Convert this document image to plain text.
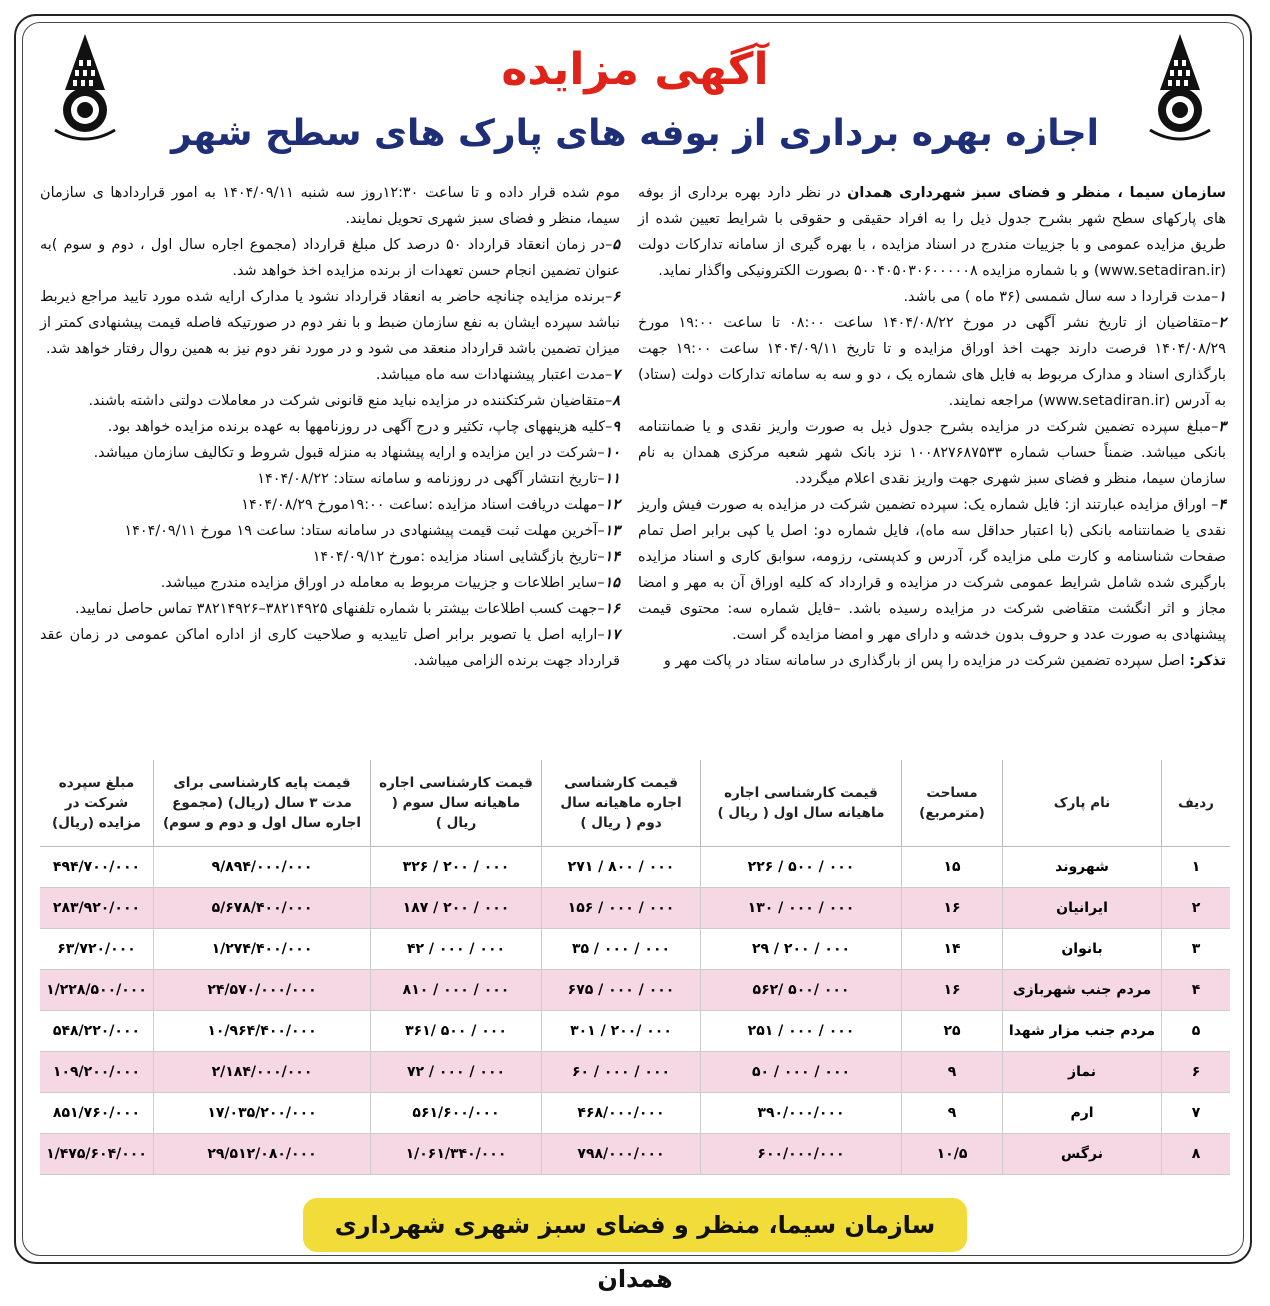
آگهی مزایده
اجازه بهره برداری از بوفه های پارک های سطح شهر

سازمان سیما ، منظر و فضای سبز شهرداری همدان در نظر دارد بهره برداری از بوفه های پارکهای سطح شهر بشرح جدول ذیل را به افراد حقیقی و حقوقی با شرایط تعیین شده از طریق مزایده عمومی و با جزییات مندرج در اسناد مزایده ، با بهره گیری از سامانه تدارکات دولت (www.setadiran.ir) و با شماره مزایده ۵۰۰۴۰۵۰۳۰۶۰۰۰۰۰۸ بصورت الکترونیکی واگذار نماید.

۱–مدت قراردا د سه سال شمسی (۳۶ ماه ) می باشد.

۲–متقاضیان از تاریخ نشر آگهی در مورخ ۱۴۰۴/۰۸/۲۲ ساعت ۰۸:۰۰ تا ساعت ۱۹:۰۰ مورخ ۱۴۰۴/۰۸/۲۹ فرصت دارند جهت اخذ اوراق مزایده و تا تاریخ ۱۴۰۴/۰۹/۱۱ ساعت ۱۹:۰۰ جهت بارگذاری اسناد و مدارک مربوط به فایل های شماره یک ، دو و سه به سامانه تدارکات دولت (ستاد) به آدرس (www.setadiran.ir) مراجعه نمایند.

۳–مبلغ سپرده تضمین شرکت در مزایده بشرح جدول ذیل به صورت واریز نقدی و یا ضمانتنامه بانکی میباشد. ضمناً حساب شماره ۱۰۰۸۲۷۶۸۷۵۳۳ نزد بانک شهر شعبه مرکزی همدان به نام سازمان سیما، منظر و فضای سبز شهری جهت واریز نقدی اعلام میگردد.

۴– اوراق مزایده عبارتند از: فایل شماره یک: سپرده تضمین شرکت در مزایده به صورت فیش واریز نقدی یا ضمانتنامه بانکی (با اعتبار حداقل سه ماه)، فایل شماره دو: اصل یا کپی برابر اصل تمام صفحات شناسنامه و کارت ملی مزایده گر، آدرس و کدپستی، رزومه، سوابق کاری و اسناد مزایده بارگیری شده شامل شرایط عمومی شرکت در مزایده و قرارداد که کلیه اوراق آن به مهر و امضا مجاز و اثر انگشت متقاضی شرکت در مزایده رسیده باشد. –فایل شماره سه: محتوی قیمت پیشنهادی به صورت عدد و حروف بدون خدشه و دارای مهر و امضا مزایده گر است.

تذکر: اصل سپرده تضمین شرکت در مزایده را پس از بارگذاری در سامانه ستاد در پاکت مهر و

موم شده قرار داده و تا ساعت ۱۲:۳۰روز سه شنبه ۱۴۰۴/۰۹/۱۱ به امور قراردادها ی سازمان سیما، منظر و فضای سبز شهری تحویل نمایند.

۵–در زمان انعقاد قرارداد ۵۰ درصد کل مبلغ قرارداد (مجموع اجاره سال اول ، دوم و سوم )به عنوان تضمین انجام حسن تعهدات از برنده مزایده اخذ خواهد شد.

۶–برنده مزایده چنانچه حاضر به انعقاد قرارداد نشود یا مدارک ارایه شده مورد تایید مراجع ذیربط نباشد سپرده ایشان به نفع سازمان ضبط و با نفر دوم در صورتیکه فاصله قیمت پیشنهادی کمتر از میزان تضمین باشد قرارداد منعقد می شود و در مورد نفر دوم نیز به همین روال رفتار خواهد شد.

۷–مدت اعتبار پیشنهادات سه ماه میباشد.

۸–متقاضیان شرکتکننده در مزایده نباید منع قانونی شرکت در معاملات دولتی داشته باشند.

۹–کلیه هزینههای چاپ، تکثیر و درج آگهی در روزنامهها به عهده برنده مزایده خواهد بود.

۱۰–شرکت در این مزایده و ارایه پیشنهاد به منزله قبول شروط و تکالیف سازمان میباشد.

۱۱–تاریخ انتشار آگهی در روزنامه و سامانه ستاد: ۱۴۰۴/۰۸/۲۲

۱۲–مهلت دریافت اسناد مزایده :ساعت ۱۹:۰۰مورخ ۱۴۰۴/۰۸/۲۹

۱۳–آخرین مهلت ثبت قیمت پیشنهادی در سامانه ستاد: ساعت ۱۹ مورخ ۱۴۰۴/۰۹/۱۱

۱۴–تاریخ بازگشایی اسناد مزایده :مورخ ۱۴۰۴/۰۹/۱۲

۱۵–سایر اطلاعات و جزییات مربوط به معامله در اوراق مزایده مندرج میباشد.

۱۶–جهت کسب اطلاعات بیشتر با شماره تلفنهای ۳۸۲۱۴۹۲۵–۳۸۲۱۴۹۲۶ تماس حاصل نمایید.

۱۷–ارایه اصل یا تصویر برابر اصل تاییدیه و صلاحیت کاری از اداره اماکن عمومی در زمان عقد قرارداد جهت برنده الزامی میباشد.

ردیف	نام پارک	مساحت (مترمربع)	قیمت کارشناسی اجاره ماهیانه سال اول ( ریال )	قیمت کارشناسی اجاره ماهیانه سال دوم ( ریال )	قیمت کارشناسی اجاره ماهیانه سال سوم ( ریال )	قیمت پایه کارشناسی برای مدت ۳ سال (ریال) (مجموع اجاره سال اول و دوم و سوم)	مبلغ سپرده شرکت در مزایده (ریال)
۱	شهروند	۱۵	۰۰۰ / ۵۰۰ / ۲۲۶	۰۰۰ / ۸۰۰ / ۲۷۱	۰۰۰ / ۲۰۰ / ۳۲۶	۹/۸۹۴/۰۰۰/۰۰۰	۴۹۴/۷۰۰/۰۰۰
۲	ایرانیان	۱۶	۰۰۰ / ۰۰۰ / ۱۳۰	۰۰۰ / ۰۰۰ / ۱۵۶	۰۰۰ / ۲۰۰ / ۱۸۷	۵/۶۷۸/۴۰۰/۰۰۰	۲۸۳/۹۲۰/۰۰۰
۳	بانوان	۱۴	۰۰۰ / ۲۰۰ / ۲۹	۰۰۰ / ۰۰۰ / ۳۵	۰۰۰ / ۰۰۰ / ۴۲	۱/۲۷۴/۴۰۰/۰۰۰	۶۳/۷۲۰/۰۰۰
۴	مردم جنب شهربازی	۱۶	۰۰۰ /۵۰۰ /۵۶۲	۰۰۰ / ۰۰۰ / ۶۷۵	۰۰۰ / ۰۰۰ / ۸۱۰	۲۴/۵۷۰/۰۰۰/۰۰۰	۱/۲۲۸/۵۰۰/۰۰۰
۵	مردم جنب مزار شهدا	۲۵	۰۰۰ / ۰۰۰ / ۲۵۱	۰۰۰ /۲۰۰ / ۳۰۱	۰۰۰ / ۵۰۰ /۳۶۱	۱۰/۹۶۴/۴۰۰/۰۰۰	۵۴۸/۲۲۰/۰۰۰
۶	نماز	۹	۰۰۰ / ۰۰۰ / ۵۰	۰۰۰ / ۰۰۰ / ۶۰	۰۰۰ / ۰۰۰ / ۷۲	۲/۱۸۴/۰۰۰/۰۰۰	۱۰۹/۲۰۰/۰۰۰
۷	ارم	۹	۳۹۰/۰۰۰/۰۰۰	۴۶۸/۰۰۰/۰۰۰	۵۶۱/۶۰۰/۰۰۰	۱۷/۰۳۵/۲۰۰/۰۰۰	۸۵۱/۷۶۰/۰۰۰
۸	نرگس	۱۰/۵	۶۰۰/۰۰۰/۰۰۰	۷۹۸/۰۰۰/۰۰۰	۱/۰۶۱/۳۴۰/۰۰۰	۲۹/۵۱۲/۰۸۰/۰۰۰	۱/۴۷۵/۶۰۴/۰۰۰
سازمان سیما، منظر و فضای سبز شهری شهرداری همدان
